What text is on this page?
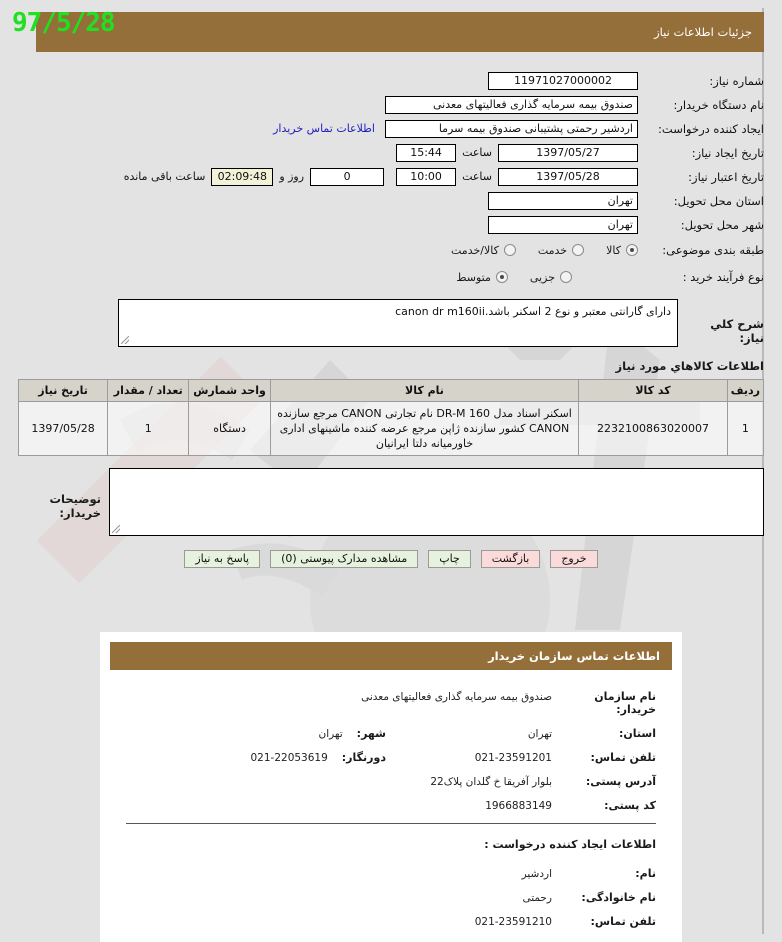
97/5/28	جزئیات اطلاعات نیاز
شماره نیاز:
11971027000002
نام دستگاه خریدار:
صندوق بیمه سرمایه گذاری فعالیتهای معدنی
ایجاد کننده درخواست:
اردشیر رحمتی پشتیبانی صندوق بیمه سرما
اطلاعات تماس خریدار
تاریخ ایجاد نیاز:
1397/05/27
ساعت
15:44
تاریخ اعتبار نیاز:
1397/05/28
ساعت
10:00
0
روز و
02:09:48
ساعت باقی مانده
استان محل تحویل:
تهران
شهر محل تحویل:
تهران
طبقه بندی موضوعی:
کالا
خدمت
کالا/خدمت
نوع فرآیند خرید :
جزیی
متوسط
شرح کلي نیاز:
دارای گارانتی معتبر و نوع 2 اسکنر باشد.canon dr m160ii
اطلاعات کالاهاي مورد نیاز
ردیف	کد کالا	نام کالا	واحد شمارش	تعداد / مقدار	تاریخ نیاز
1	2232100863020007	اسکنر اسناد مدل DR-M 160 نام تجارتی CANON مرجع سازنده CANON کشور سازنده ژاپن مرجع عرضه کننده ماشینهای اداری خاورمیانه دلتا ایرانیان	دستگاه	1	1397/05/28
توضیحات خریدار:
خروج
بازگشت
چاپ
مشاهده مدارک پیوستی (0)
پاسخ به نیاز
اطلاعات تماس سازمان خریدار
نام سازمان خریدار:
صندوق بیمه سرمایه گذاری فعالیتهای معدنی
استان:
تهران
شهر:
تهران
تلفن تماس:
021-23591201
دورنگار:
021-22053619
آدرس پستی:
بلوار آفریقا خ گلدان پلاک22
کد پستی:
1966883149
اطلاعات ایجاد کننده درخواست :
نام:
اردشیر
نام خانوادگی:
رحمتی
تلفن تماس:
021-23591210
